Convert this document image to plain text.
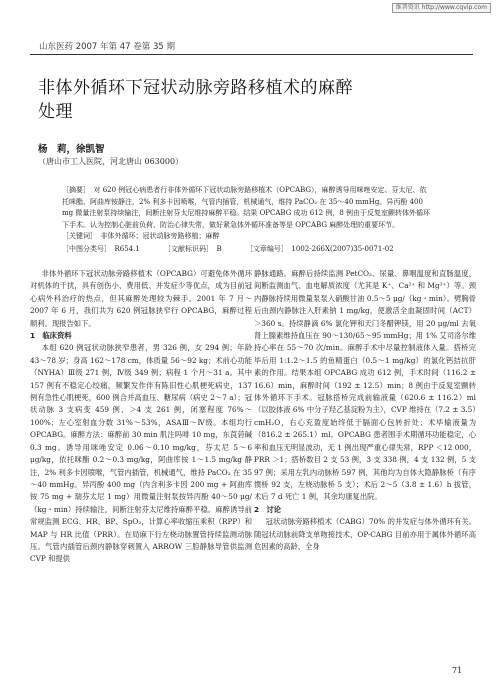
维普资讯 http://www.cqvip.com
山东医药 2007 年第 47 卷第 35 期
非体外循环下冠状动脉旁路移植术的麻醉处理
杨　莉，徐凯智
（唐山市工人医院，河北唐山 063000）

［摘要］　对 620 例冠心病患者行非体外循环下冠状动脉旁路移植术（OPCABG），麻醉诱导用咪唑安定、芬太尼、依托咪酯、阿曲库铵静注，2% 利多卡因喷喉，气管内插管，机械通气，维持 PaCO₂ 在 35～40 mmHg。异丙酚 400 mg 微量注射泵持续输注，间断注射芬太尼维持麻醉平稳。结果 OPCABG 成功 612 例，8 例由于反复室颤转体外循环下手术。认为控制心脏前负荷、防治心律失常，做好紧急体外循环准备等是 OPCABG 麻醉处理的重要环节。

［关键词］　非体外循环；冠状动脉旁路移植；麻醉
［中图分类号］　R654.1	［文献标识码］　B	［文章编号］　1002-266X(2007)35-0071-02

非体外循环下冠状动脉旁路移植术（OPCABG）可避免体外循环对机体的干扰，具有创伤小、费用低、并发症少等优点，成为目前冠心病外科治疗的热点，但其麻醉处理较为棘手。2001 年 7 月～2007 年 6 月，我们共为 620 例冠脉狭窄行 OPCABG，麻醉过程顺利。现报告如下。

1　临床资料

本组 620 例冠状动脉狭窄患者，男 326 例，女 294 例；年龄 43～78 岁；身高 162～178 cm，体质量 56～92 kg；术前心功能（NYHA）Ⅲ级 271 例，Ⅳ级 349 例；病程 1 个月～31 a。其中 157 例有不稳定心绞痛，频繁发作伴有陈旧性心肌梗死病史，137 例有急性心肌梗死，600 例合并高血压、糖尿病（病史 2～7 a）；冠状动脉 3 支病变 459 例、＞4 支 261 例，闭塞程度 76%～100%；左心室射血分数 31%～53%，ASAⅢ～Ⅳ级。本组均行 OPCABG。麻醉方法：麻醉前 30 min 肌注吗啡 10 mg，东莨菪碱 0.3 mg。诱导用咪唑安定 0.06～0.10 mg/kg，芬太尼 5～6 μg/kg，依托咪酯 0.2～0.3 mg/kg，阿曲库铵 1～1.5 mg/kg 静注，2% 利多卡因喷喉，气管内插管，机械通气，维持 PaCO₂ 在 35～40 mmHg。异丙酚 400 mg（内含利多卡因 200 mg + 阿曲库铵 75 mg + 瑞芬太尼 1 mg）用微量注射泵按异丙酚 40～50 μg/（kg・min）持续输注，间断注射芬太尼维持麻醉平稳。麻醉诱导前常规监测 ECG、HR、BP、SpO₂，计算心率收缩压乘积（RPP）和 MAP 与 HR 比值（PRR）。在局麻下行左桡动脉置管持续监测动脉压。气管内插管后颈内静脉穿刺置入 ARROW 三腔静脉导管供监测 CVP 和提供

静脉通路。麻醉后持续监测 PetCO₂、尿量、鼻咽温度和直肠温度，间断监测血气、血电解质浓度（尤其是 K⁺、Ca²⁺ 和 Mg²⁺）等。颈内静脉持续用微量泵泵入硝酸甘油 0.5～5 μg/（kg・min）。劈胸骨后由颈内静脉注入肝素钠 1 mg/kg，使激活全血凝固时间（ACT）＞360 s。持续静滴 6% 氯化钾和天门冬醋钾镁，用 20 μg/ml 去氧肾上腺素维持血压在 90～130/65～95 mmHg；用 1% 艾司洛尔维持心率在 55～70 次/min。麻醉手术中尽量控制液体入量。搭桥完毕后用 1:1.2～1.5 的鱼精蛋白（0.5～1 mg/kg）的氯化钙拮抗肝素的作用。结果本组 OPCABG 成功 612 例，手术时间（116.2 ± 16.6）min，麻醉时间（192 ± 12.5）min；8 例由于反复室颤转体外循环下手术。冠脉搭桥完成前输液量（620.6 ± 116.2）ml（以胶体液 6% 中分子羟乙基淀粉为主），CVP 维持在（7.2 ± 3.5）cmH₂O，右心充盈度始终低于膈面心包转折处；术毕输液量为（816.2 ± 265.1）ml。OPCABG 患者围手术期循环功能稳定，心率和血压无明显波动，无 1 例出现严重心律失常，RPP ＜12 000，PRR ＞1；搭桥数目 2 支 53 例，3 支 338 例，4 支 132 例，5 支 97 例；采用左乳内动脉桥 597 例，其他均为自体大隐静脉桥（有序惯桥 92 支，左桡动脉桥 5 支）；术后 2～5（3.8 ± 1.6）h 拔管，术后 7 d 死亡 1 例，其余均康复出院。

2　讨论

冠状动脉旁路移植术（CABG）70% 的并发症与体外循环有关。随冠状动脉前降支单吻接技术，OP-CABG 目前亦用于属体外循环高危因素的高龄、全身

71
